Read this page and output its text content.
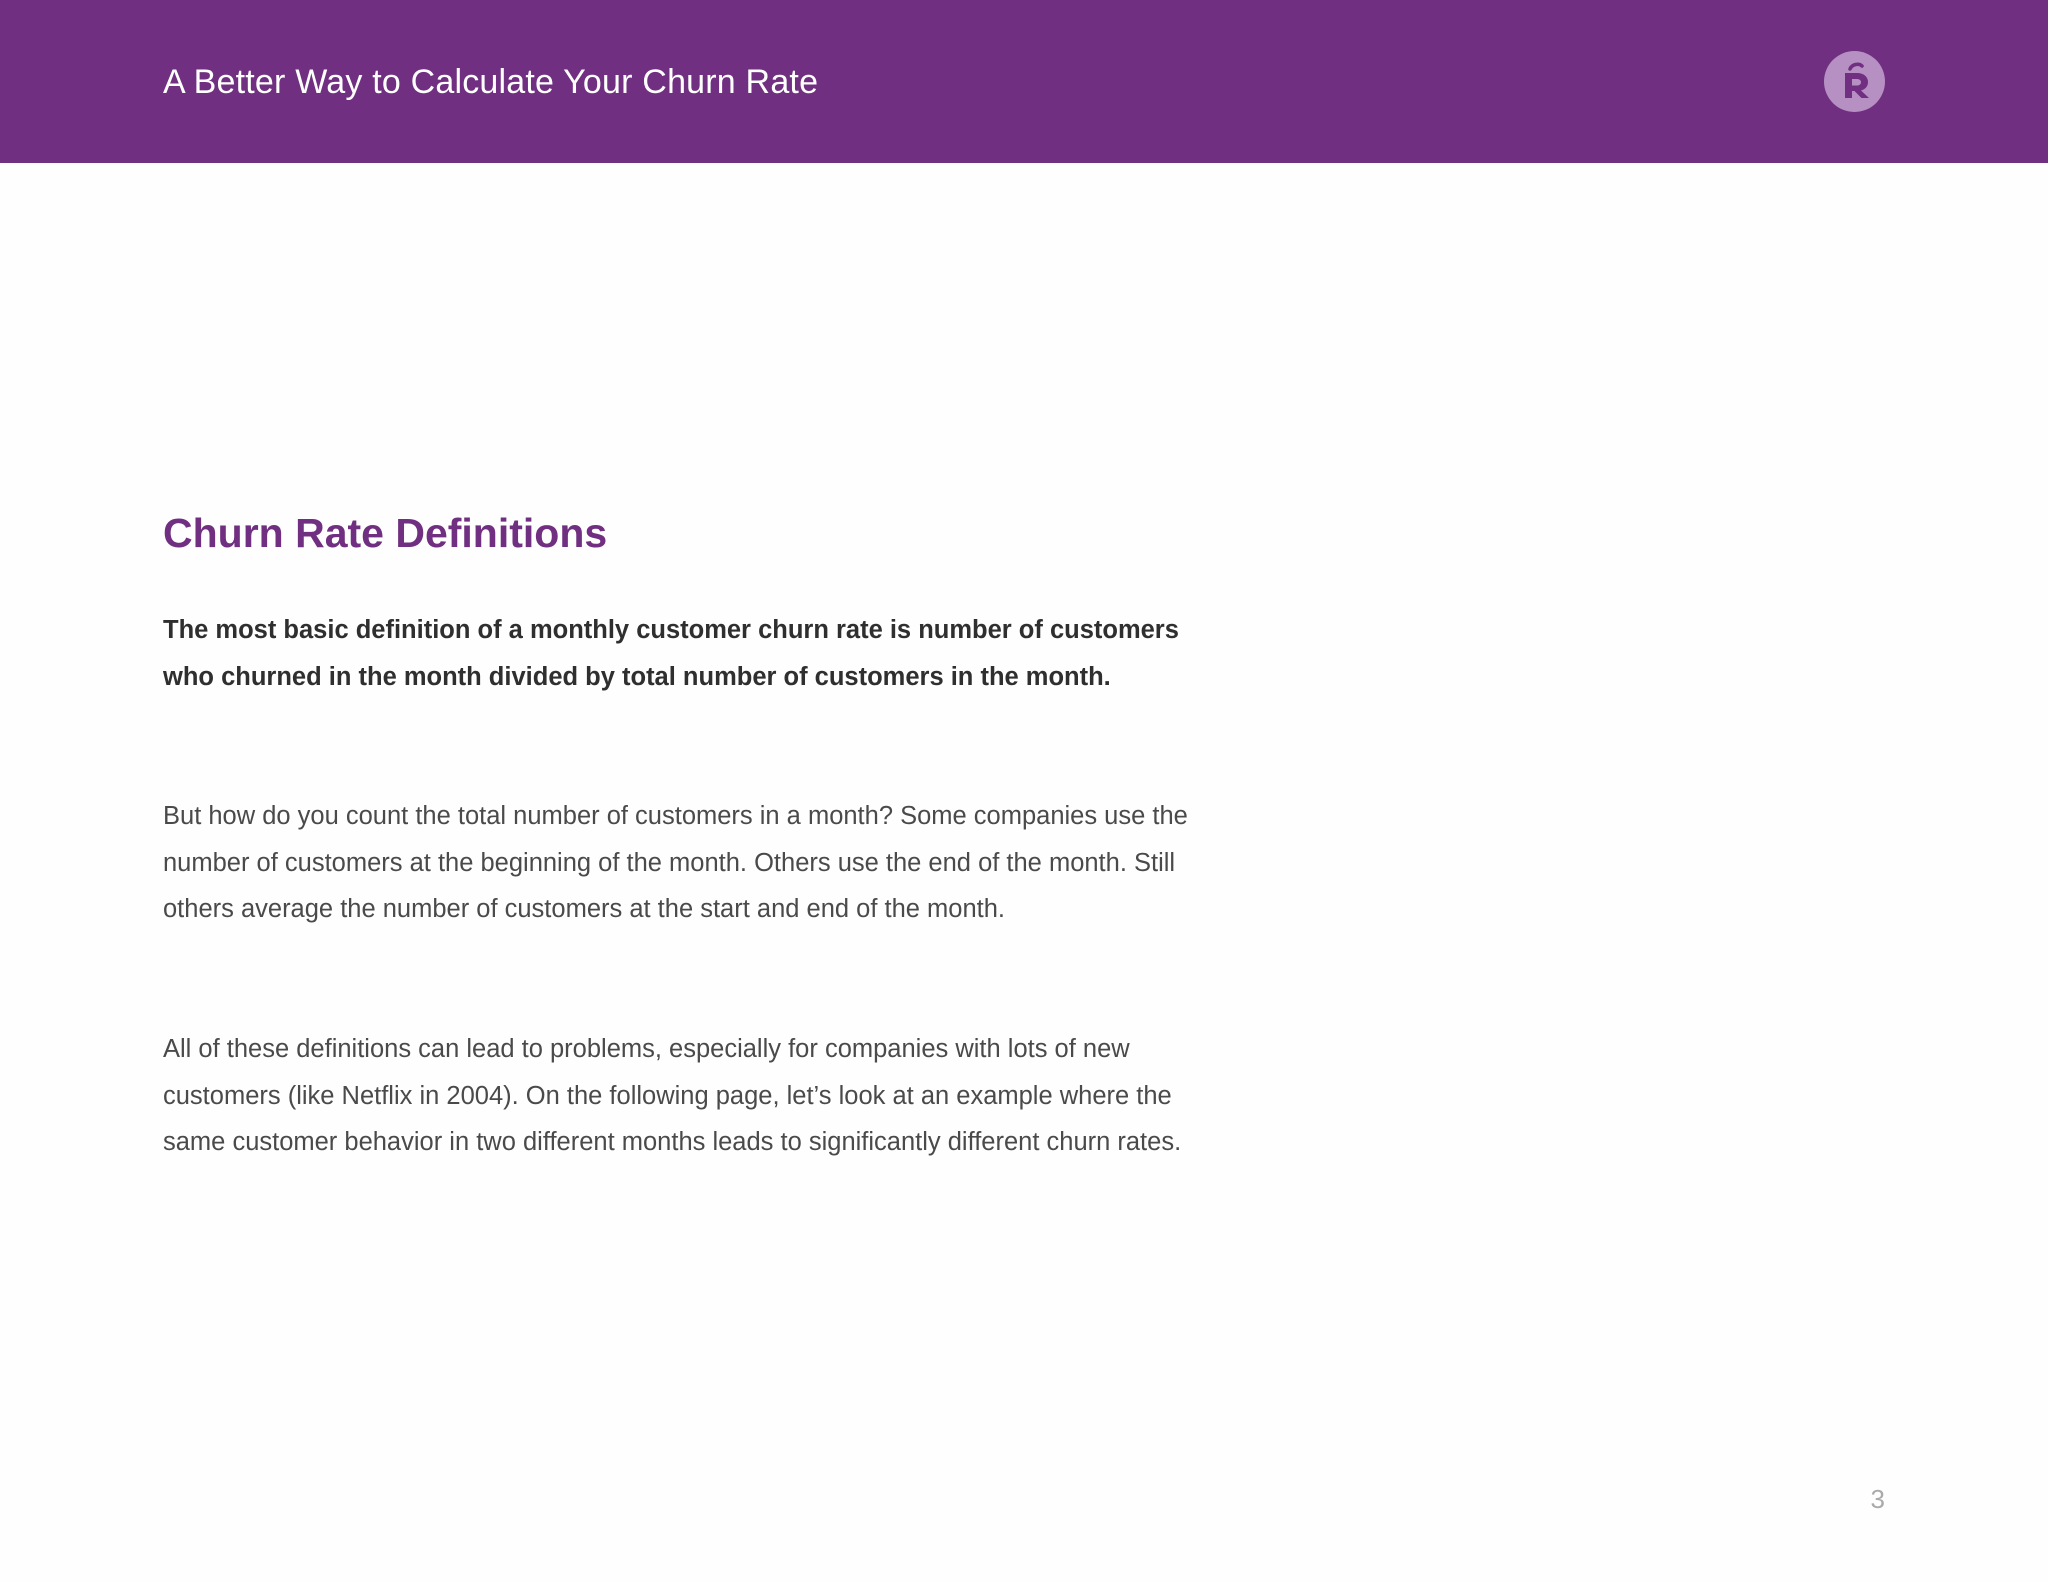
A Better Way to Calculate Your Churn Rate
Churn Rate Definitions

The most basic definition of a monthly customer churn rate is number of customers who churned in the month divided by total number of customers in the month.

But how do you count the total number of customers in a month? Some companies use the number of customers at the beginning of the month. Others use the end of the month. Still others average the number of customers at the start and end of the month.

All of these definitions can lead to problems, especially for companies with lots of new customers (like Netflix in 2004). On the following page, let’s look at an example where the same customer behavior in two different months leads to significantly different churn rates.

3
